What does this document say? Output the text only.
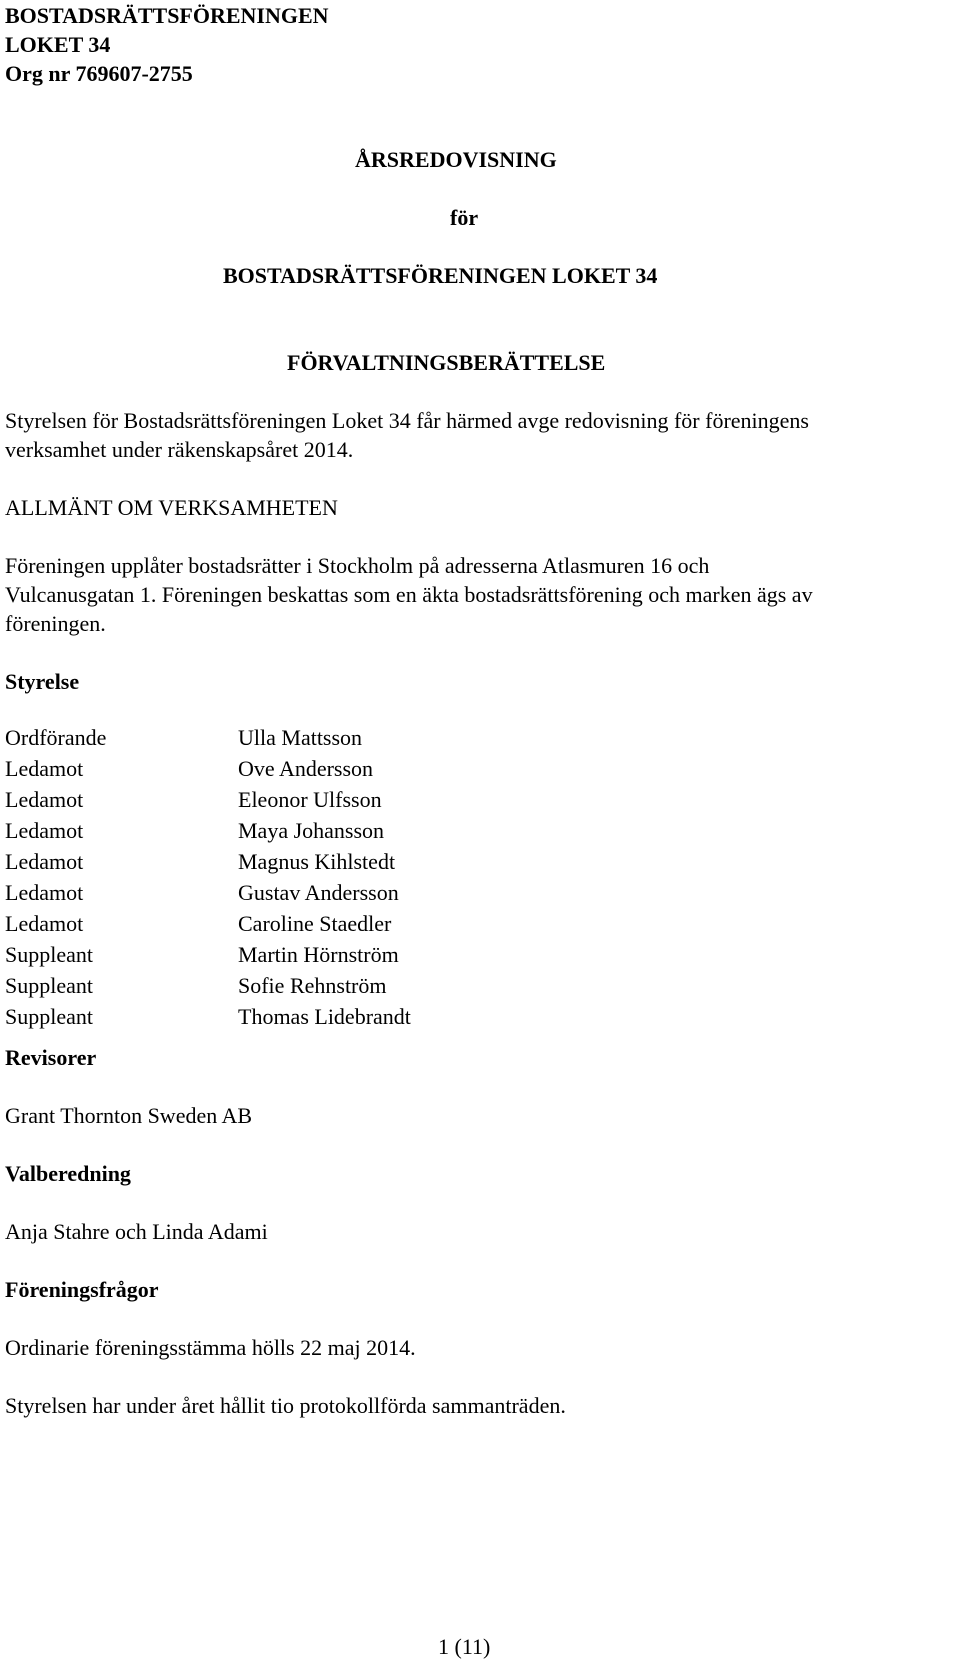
BOSTADSRÄTTSFÖRENINGEN
LOKET 34
Org nr 769607-2755
ÅRSREDOVISNING
för
BOSTADSRÄTTSFÖRENINGEN LOKET 34
FÖRVALTNINGSBERÄTTELSE
Styrelsen för Bostadsrättsföreningen Loket 34 får härmed avge redovisning för föreningens
verksamhet under räkenskapsåret 2014.
ALLMÄNT OM VERKSAMHETEN
Föreningen upplåter bostadsrätter i Stockholm på adresserna Atlasmuren 16 och
Vulcanusgatan 1. Föreningen beskattas som en äkta bostadsrättsförening och marken ägs av
föreningen.
Styrelse
Ordförande
Ledamot
Ledamot
Ledamot
Ledamot
Ledamot
Ledamot
Suppleant
Suppleant
Suppleant
Ulla Mattsson
Ove Andersson
Eleonor Ulfsson
Maya Johansson
Magnus Kihlstedt
Gustav Andersson
Caroline Staedler
Martin Hörnström
Sofie Rehnström
Thomas Lidebrandt
Revisorer
Grant Thornton Sweden AB
Valberedning
Anja Stahre och Linda Adami
Föreningsfrågor
Ordinarie föreningsstämma hölls 22 maj 2014.
Styrelsen har under året hållit tio protokollförda sammanträden.
1 (11)
